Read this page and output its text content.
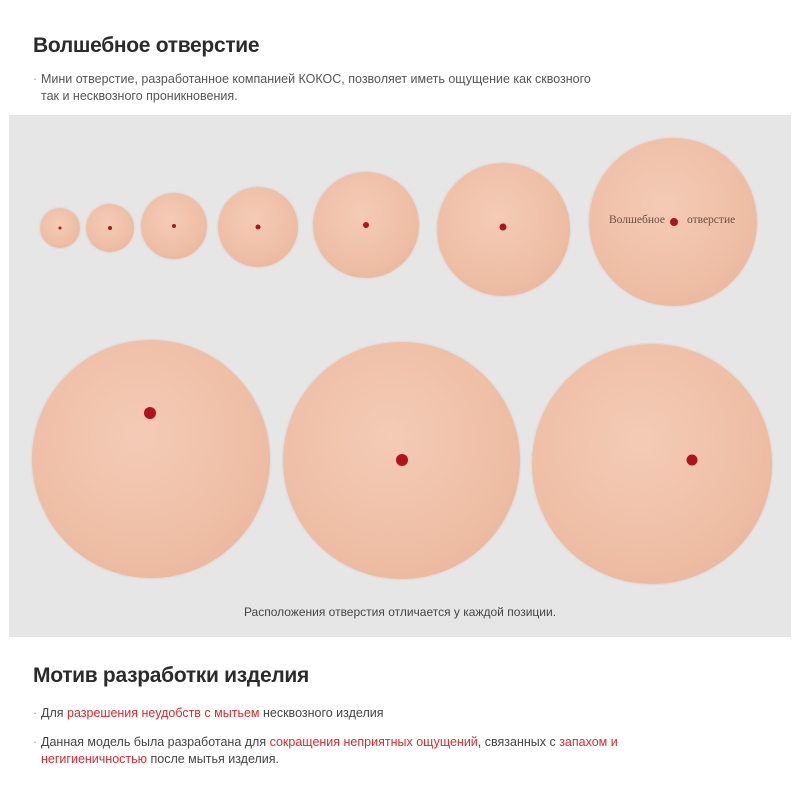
Волшебное отверстие
· Мини отверстие, разработанное компанией КОКОС, позволяет иметь ощущение как сквозного
так и несквозного проникновения.
Волшебное отверстие
Расположения отверстия отличается у каждой позиции.
Мотив разработки изделия

· Для разрешения неудобств с мытьем несквозного изделия

· Данная модель была разработана для сокращения неприятных ощущений, связанных с запахом и
негигиеничностью после мытья изделия.
